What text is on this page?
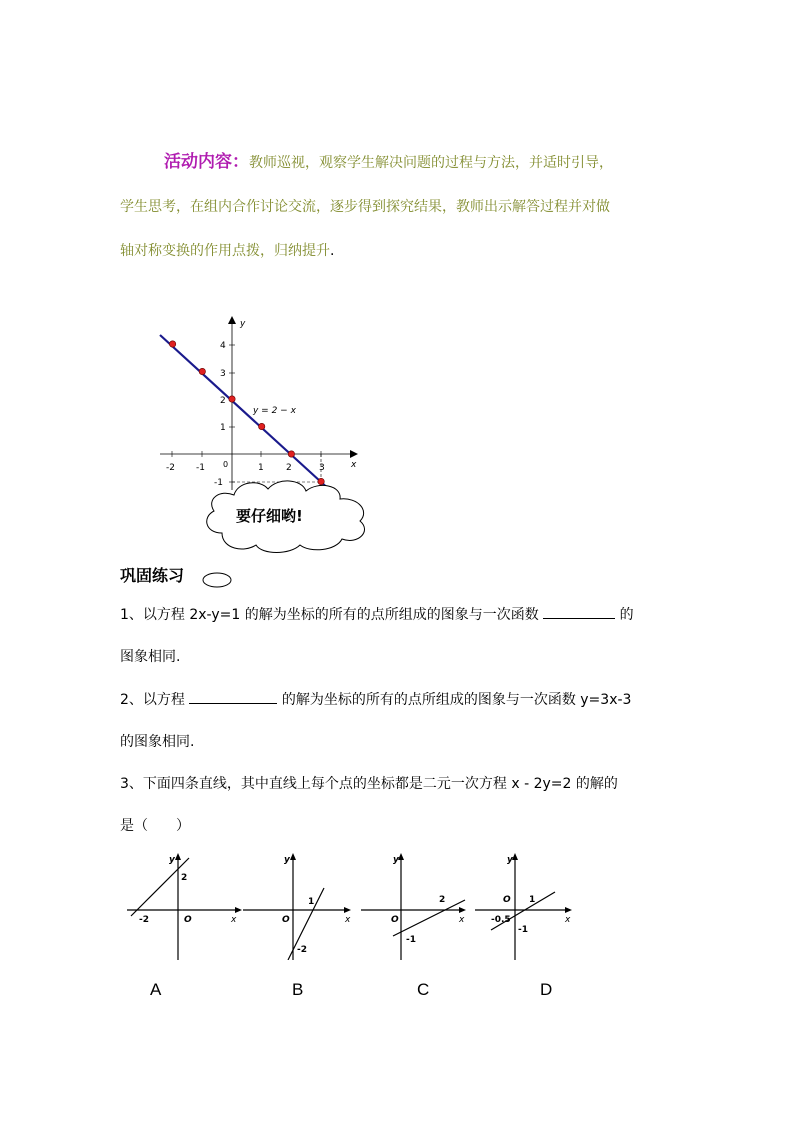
活动内容：教师巡视，观察学生解决问题的过程与方法，并适时引导，
学生思考，在组内合作讨论交流，逐步得到探究结果，教师出示解答过程并对做
轴对称变换的作用点拨，归纳提升.
x
y
-2 -1 0	1 2	3
4
3
2
1
-1
y = 2 − x
要仔细哟!
巩固练习
1、以方程 2x-y=1 的解为坐标的所有的点所组成的图象与一次函数	的
图象相同.
2、以方程	的解为坐标的所有的点所组成的图象与一次函数 y=3x-3
的图象相同.
3、下面四条直线，其中直线上每个点的坐标都是二元一次方程 x - 2y=2 的解的
是（　　）
x
y
2
-2	O	x
y
1
-2
O	x
y
2
-1
O	x
y
1
-0.5
-1
O
A	B	C	D
